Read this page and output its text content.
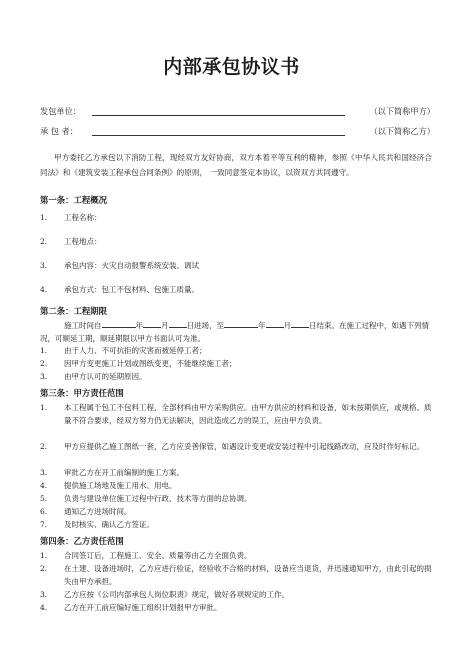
内部承包协议书
发包单位：	（以下简称甲方）
承 包 者：	（以下简称乙方）
甲方委托乙方承包以下消防工程，现经双方友好协商，双方本着平等互利的精神，参照《中华人民共和国经济合同法》和《建筑安装工程承包合同条例》的原则， 一致同意签定本协议，以资双方共同遵守。
第一条：工程概况
1.	工程名称：
2.	工程地点：
3.	承包内容：火灾自动报警系统安装、调试
4.	承包方式：包工不包材料、包施工质量。
第二条：工程期限
施工时间自	年 月 日进场，至	年 月 日结束。在施工过程中，如遇下列情况，可顺延工期，顺延期限以甲方书面认可为准。
1.	由于人力、不可抗拒的灾害而被延停工者；
2.	因甲方变更施工计划或图纸变更，不能继续施工者；
3.	由甲方认可的延期原因。
第三条：甲方责任范围
1.	本工程属于包工不包料工程，全部材料由甲方采购供应。由甲方供应的材料和设备，如未按期供应，或规格、质量不符合要求，经双方努力仍无法解决，因此造成乙方的误工，应由甲方负责。
2.	甲方应提供乙施工图纸一套，乙方应妥善保管，如遇设计变更或安装过程中引起线路改动，应及时作好标记。
3.	审批乙方在开工前编制的施工方案。
4.	提供施工场地及施工用水、用电。
5.	负责与建设单位施工过程中行政、技术等方面的总协调。
6.	通知乙方进场时间。
7.	及时核实、确认乙方签证。
第四条：乙方责任范围
1.	合同签订后，工程施工、安全、质量等由乙方全面负责。
2.	在土建、设备进场时，乙方应进行验证，经验收不合格的材料，设备应当退货，并迅速通知甲方，由此引起的损失由甲方承担。
3.	乙方应按《公司内部承包人岗位职责》规定，做好各项规定的工作。
4.	乙方在开工前应编好施工组织计划报甲方审批。
